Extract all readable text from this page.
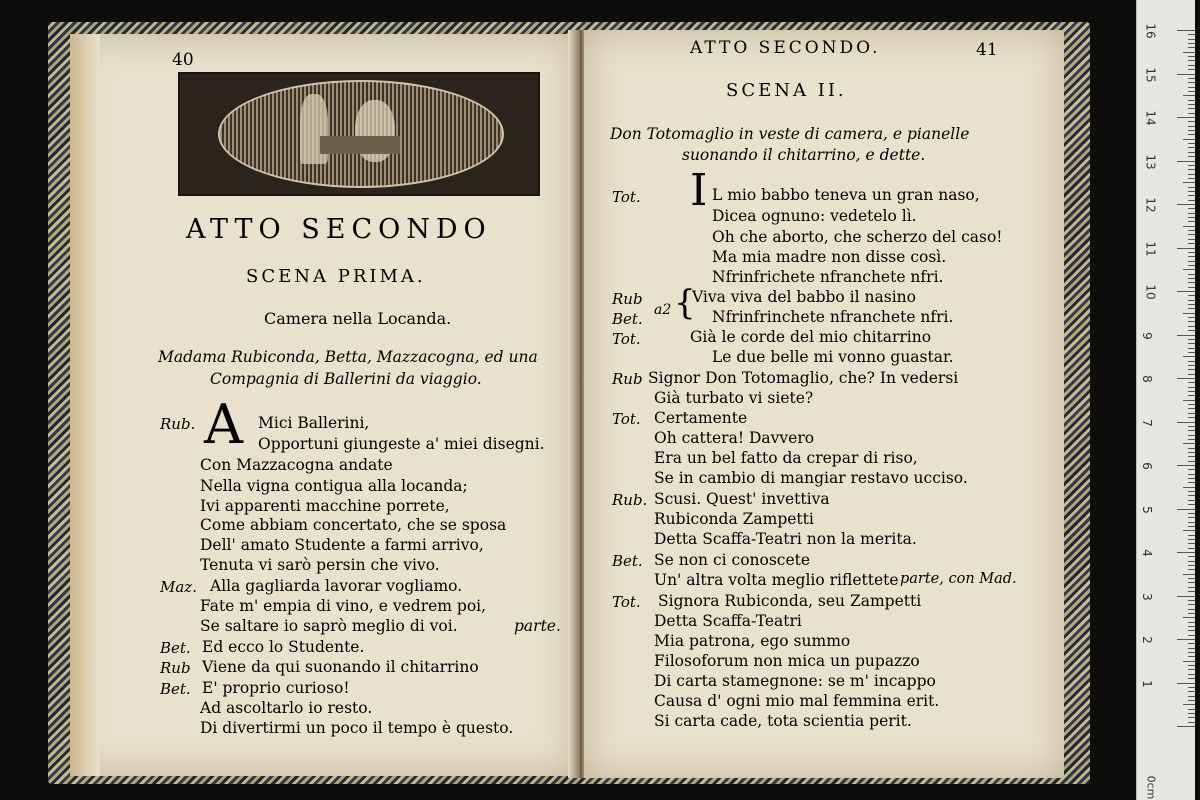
40
ATTO SECONDO
SCENA PRIMA.
Camera nella Locanda.
Madama Rubiconda, Betta, Mazzacogna, ed una
Compagnia di Ballerini da viaggio.
A
Rub.	Mici Ballerini,
Opportuni giungeste a' miei disegni.
Con Mazzacogna andate
Nella vigna contigua alla locanda;
Ivi apparenti macchine porrete,
Come abbiam concertato, che se sposa
Dell' amato Studente a farmi arrivo,
Tenuta vi sarò persin che vivo.
Maz. Alla gagliarda lavorar vogliamo.
Fate m' empia di vino, e vedrem poi,
Se saltare io saprò meglio di voi.	parte.
Bet. Ed ecco lo Studente.
Rub Viene da qui suonando il chitarrino
Bet. E' proprio curioso!
Ad ascoltarlo io resto.
Di divertirmi un poco il tempo è questo.
ATTO SECONDO.	41
SCENA II.
Don Totomaglio in veste di camera, e pianelle
suonando il chitarrino, e dette.
I
Tot.	L mio babbo teneva un gran naso,
Dicea ognuno: vedetelo lì.
Oh che aborto, che scherzo del caso!
Ma mia madre non disse così.
Nfrinfrichete nfranchete nfri.
Rub
Bet. a2 {
Viva viva del babbo il nasino
Nfrinfrinchete nfranchete nfri.
Tot.	Già le corde del mio chitarrino
Le due belle mi vonno guastar.
Rub Signor Don Totomaglio, che? In vedersi
Già turbato vi siete?
Tot. Certamente
Oh cattera! Davvero
Era un bel fatto da crepar di riso,
Se in cambio di mangiar restavo ucciso.
Rub. Scusi. Quest' invettiva
Rubiconda Zampetti
Detta Scaffa-Teatri non la merita.
Bet. Se non ci conoscete
Un' altra volta meglio riflettete parte, con Mad.
Tot. Signora Rubiconda, seu Zampetti
Detta Scaffa-Teatri
Mia patrona, ego summo
Filosoforum non mica un pupazzo
Di carta stamegnone: se m' incappo
Causa d' ogni mio mal femmina erit.
Si carta cade, tota scientia perit.
0cm
16
15
14
13
12
11
10
9
8
7
6
5
4
3
2
1
